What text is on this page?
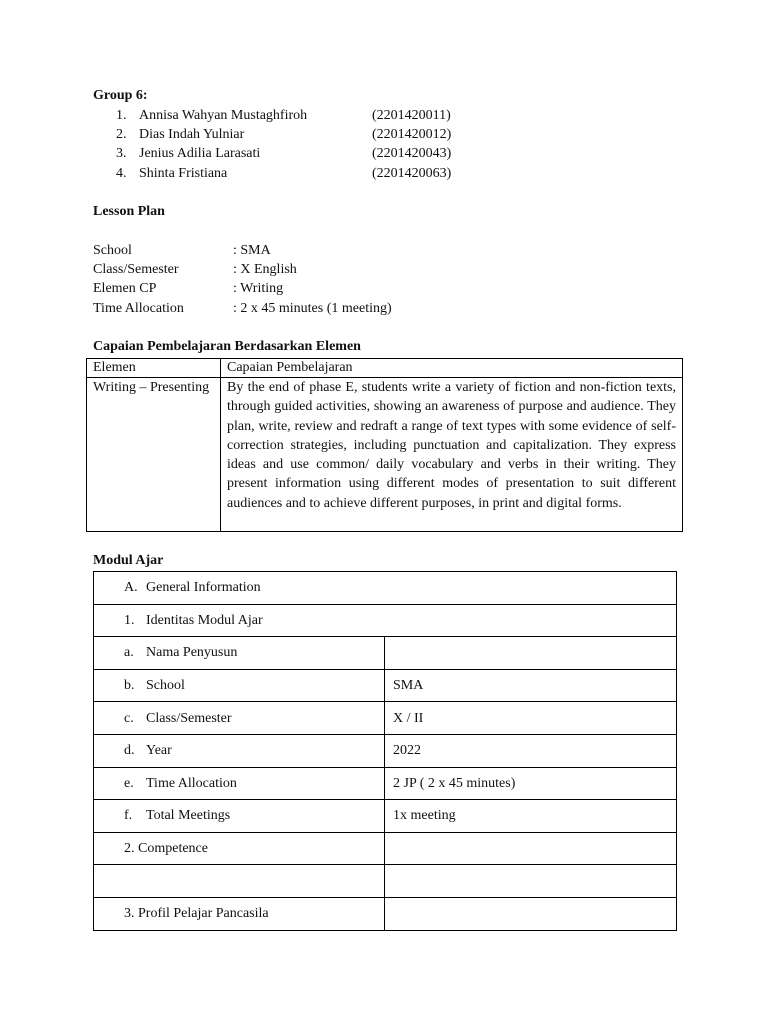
Group 6:
1. Annisa Wahyan Mustaghfiroh	(2201420011)
2. Dias Indah Yulniar	(2201420012)
3. Jenius Adilia Larasati	(2201420043)
4. Shinta Fristiana	(2201420063)
Lesson Plan
School	: SMA
Class/Semester	: X English
Elemen CP	: Writing
Time Allocation	: 2 x 45 minutes (1 meeting)
Capaian Pembelajaran Berdasarkan Elemen
Elemen	Capaian Pembelajaran
Writing – Presenting	By the end of phase E, students write a variety of fiction and non-fiction texts, through guided activities, showing an awareness of purpose and audience. They plan, write, review and redraft a range of text types with some evidence of self-correction strategies, including punctuation and capitalization. They express ideas and use common/ daily vocabulary and verbs in their writing. They present information using different modes of presentation to suit different audiences and to achieve different purposes, in print and digital forms.
Modul Ajar
A. General Information	
1. Identitas Modul Ajar	
a. Nama Penyusun	
b. School	SMA
c. Class/Semester	X / II
d. Year	2022
e. Time Allocation	2 JP ( 2 x 45 minutes)
f. Total Meetings	1x meeting
2. Competence	

3. Profil Pelajar Pancasila	
